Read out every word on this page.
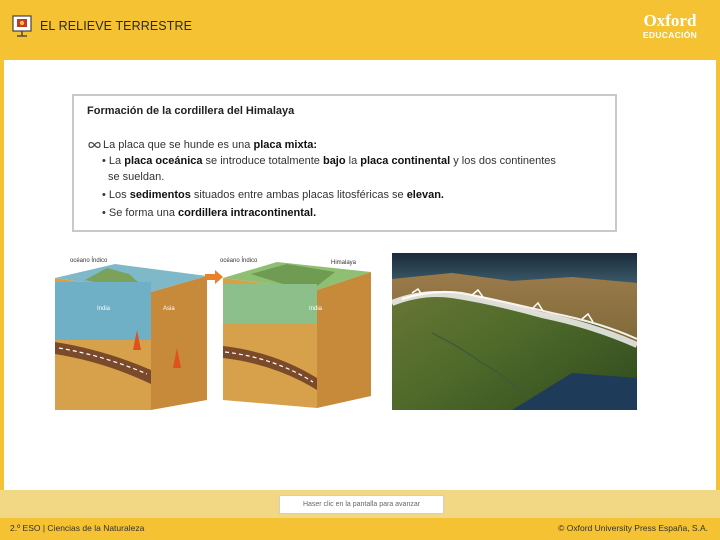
EL RELIEVE TERRESTRE	Oxford
EDUCACIÓN
Formación de la cordillera del Himalaya
La placa que se hunde es una placa mixta:
• La placa oceánica se introduce totalmente bajo la placa continental y los dos continentes
se sueldan.
• Los sedimentos situados entre ambas placas litosféricas se elevan.
• Se forma una cordillera intracontinental.
océano Índico
India	Asia
océano Índico	Himalaya
India
Haser clic en la pantalla para avanzar
2.º ESO | Ciencias de la Naturaleza	© Oxford University Press España, S.A.
